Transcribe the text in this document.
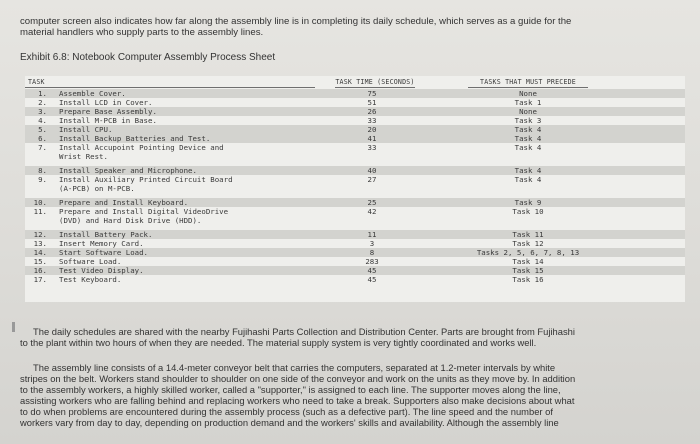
computer screen also indicates how far along the assembly line is in completing its daily schedule, which serves as a guide for the

material handlers who supply parts to the assembly lines.

Exhibit 6.8: Notebook Computer Assembly Process Sheet
TASK	TASK TIME (SECONDS)	TASKS THAT MUST PRECEDE
1. Assemble Cover.	75	None
2. Install LCD in Cover.	51	Task 1
3. Prepare Base Assembly.	26	None
4. Install M-PCB in Base.	33	Task 3
5. Install CPU.	20	Task 4
6. Install Backup Batteries and Test.	41	Task 4
7. Install Accupoint Pointing Device and
Wrist Rest.
33	Task 4
8. Install Speaker and Microphone.	40	Task 4
9. Install Auxiliary Printed Circuit Board
(A-PCB) on M-PCB.
27	Task 4
10. Prepare and Install Keyboard.	25	Task 9
11. Prepare and Install Digital VideoDrive
(DVD) and Hard Disk Drive (HDD).
42	Task 10
12. Install Battery Pack.	11	Task 11
13. Insert Memory Card.	3	Task 12
14. Start Software Load.	8	Tasks 2, 5, 6, 7, 8, 13
15. Software Load.	283	Task 14
16. Test Video Display.	45	Task 15
17. Test Keyboard.	45	Task 16

The daily schedules are shared with the nearby Fujihashi Parts Collection and Distribution Center. Parts are brought from Fujihashi

to the plant within two hours of when they are needed. The material supply system is very tightly coordinated and works well.

The assembly line consists of a 14.4-meter conveyor belt that carries the computers, separated at 1.2-meter intervals by white

stripes on the belt. Workers stand shoulder to shoulder on one side of the conveyor and work on the units as they move by. In addition

to the assembly workers, a highly skilled worker, called a "supporter," is assigned to each line. The supporter moves along the line,

assisting workers who are falling behind and replacing workers who need to take a break. Supporters also make decisions about what

to do when problems are encountered during the assembly process (such as a defective part). The line speed and the number of

workers vary from day to day, depending on production demand and the workers' skills and availability. Although the assembly line
